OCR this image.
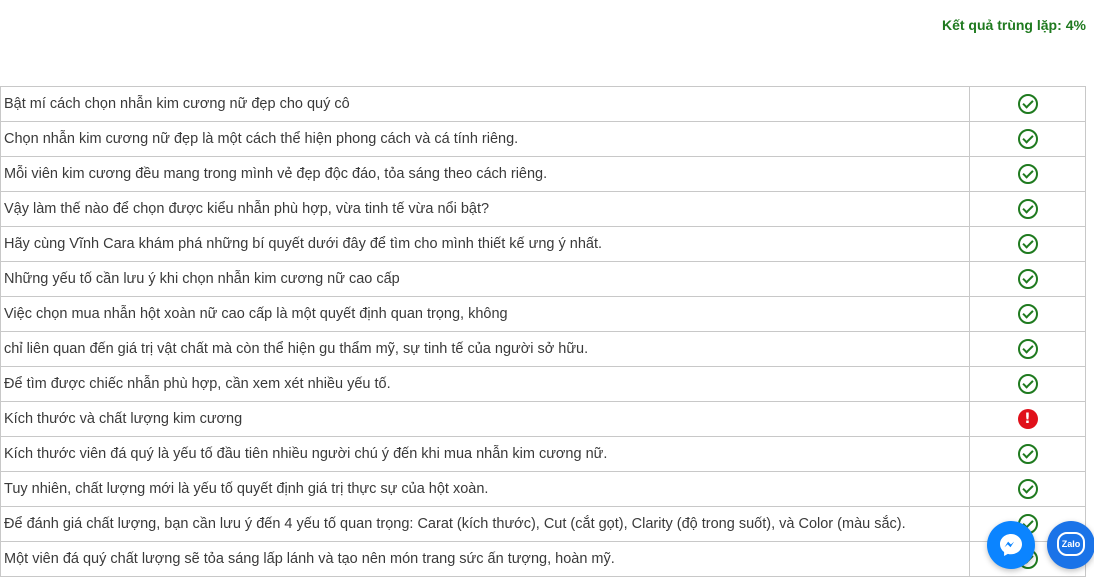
Kết quả trùng lặp: 4%
Bật mí cách chọn nhẫn kim cương nữ đẹp cho quý cô	
Chọn nhẫn kim cương nữ đẹp là một cách thể hiện phong cách và cá tính riêng.	
Mỗi viên kim cương đều mang trong mình vẻ đẹp độc đáo, tỏa sáng theo cách riêng.	
Vậy làm thế nào để chọn được kiểu nhẫn phù hợp, vừa tinh tế vừa nổi bật?	
Hãy cùng Vĩnh Cara khám phá những bí quyết dưới đây để tìm cho mình thiết kế ưng ý nhất.	
Những yếu tố cần lưu ý khi chọn nhẫn kim cương nữ cao cấp	
Việc chọn mua nhẫn hột xoàn nữ cao cấp là một quyết định quan trọng, không	
chỉ liên quan đến giá trị vật chất mà còn thể hiện gu thẩm mỹ, sự tinh tế của người sở hữu.	
Để tìm được chiếc nhẫn phù hợp, cần xem xét nhiều yếu tố.	
Kích thước và chất lượng kim cương	!
Kích thước viên đá quý là yếu tố đầu tiên nhiều người chú ý đến khi mua nhẫn kim cương nữ.	
Tuy nhiên, chất lượng mới là yếu tố quyết định giá trị thực sự của hột xoàn.	
Để đánh giá chất lượng, bạn cần lưu ý đến 4 yếu tố quan trọng: Carat (kích thước), Cut (cắt gọt), Clarity (độ trong suốt), và Color (màu sắc).	
Một viên đá quý chất lượng sẽ tỏa sáng lấp lánh và tạo nên món trang sức ấn tượng, hoàn mỹ.	
Zalo
